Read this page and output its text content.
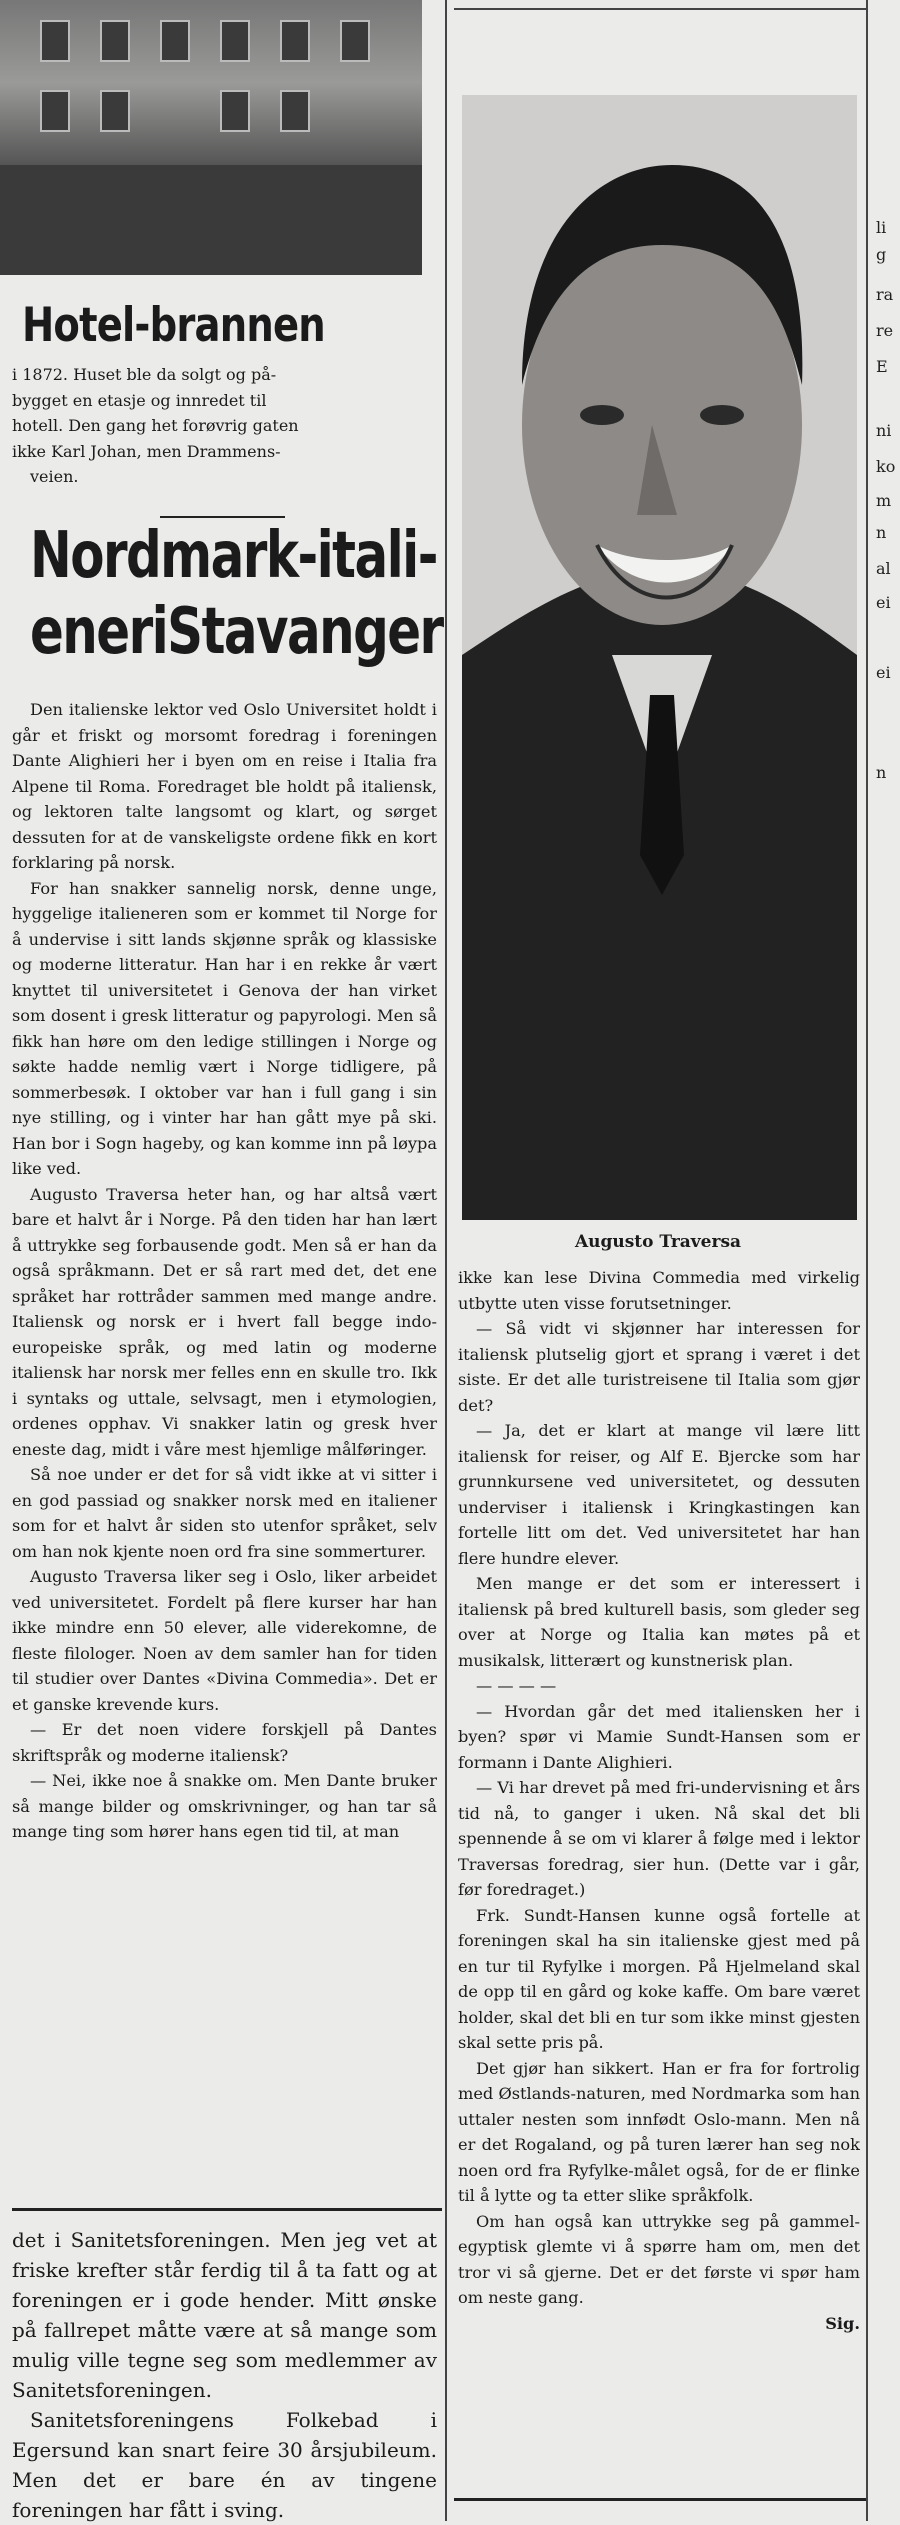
Hotel-brannen

i 1872. Huset ble da solgt og på-

bygget en etasje og innredet til

hotell. Den gang het forøvrig gaten

ikke Karl Johan, men Drammens-

veien.

Nordmark-itali-
eneriStavanger

Den italienske lektor ved Oslo Universitet holdt i går et friskt og morsomt foredrag i foreningen Dante Alighieri her i byen om en reise i Italia fra Alpene til Roma. Foredraget ble holdt på italiensk, og lektoren talte langsomt og klart, og sørget dessuten for at de vanskeligste ordene fikk en kort forklaring på norsk.

For han snakker sannelig norsk, denne unge, hyggelige italieneren som er kommet til Norge for å undervise i sitt lands skjønne språk og klassiske og moderne litteratur. Han har i en rekke år vært knyttet til universitetet i Genova der han virket som dosent i gresk litteratur og papyrologi. Men så fikk han høre om den ledige stillingen i Norge og søkte hadde nemlig vært i Norge tidligere, på sommerbesøk. I oktober var han i full gang i sin nye stilling, og i vinter har han gått mye på ski. Han bor i Sogn hageby, og kan komme inn på løypa like ved.

Augusto Traversa heter han, og har altså vært bare et halvt år i Norge. På den tiden har han lært å uttrykke seg forbausende godt. Men så er han da også språkmann. Det er så rart med det, det ene språket har rottråder sammen med mange andre. Italiensk og norsk er i hvert fall begge indo-europeiske språk, og med latin og moderne italiensk har norsk mer felles enn en skulle tro. Ikk i syntaks og uttale, selvsagt, men i etymologien, ordenes opphav. Vi snakker latin og gresk hver eneste dag, midt i våre mest hjemlige målføringer.

Så noe under er det for så vidt ikke at vi sitter i en god passiad og snakker norsk med en italiener som for et halvt år siden sto utenfor språket, selv om han nok kjente noen ord fra sine sommerturer.

Augusto Traversa liker seg i Oslo, liker arbeidet ved universitetet. Fordelt på flere kurser har han ikke mindre enn 50 elever, alle viderekomne, de fleste filologer. Noen av dem samler han for tiden til studier over Dantes «Divina Commedia». Det er et ganske krevende kurs.

— Er det noen videre forskjell på Dantes skriftspråk og moderne italiensk?

— Nei, ikke noe å snakke om. Men Dante bruker så mange bilder og omskrivninger, og han tar så mange ting som hører hans egen tid til, at man

det i Sanitetsforeningen. Men jeg vet at friske krefter står ferdig til å ta fatt og at foreningen er i gode hender. Mitt ønske på fallrepet måtte være at så mange som mulig ville tegne seg som medlemmer av Sanitetsforeningen.

Sanitetsforeningens Folkebad i Egersund kan snart feire 30 årsjubileum. Men det er bare én av tingene foreningen har fått i sving.

Augusto Traversa

ikke kan lese Divina Commedia med virkelig utbytte uten visse forutsetninger.

— Så vidt vi skjønner har interessen for italiensk plutselig gjort et sprang i været i det siste. Er det alle turistreisene til Italia som gjør det?

— Ja, det er klart at mange vil lære litt italiensk for reiser, og Alf E. Bjercke som har grunnkursene ved universitetet, og dessuten underviser i italiensk i Kringkastingen kan fortelle litt om det. Ved universitetet har han flere hundre elever.

Men mange er det som er interessert i italiensk på bred kulturell basis, som gleder seg over at Norge og Italia kan møtes på et musikalsk, litterært og kunstnerisk plan.

— — — —

— Hvordan går det med italiensken her i byen? spør vi Mamie Sundt-Hansen som er formann i Dante Alighieri.

— Vi har drevet på med fri-undervisning et års tid nå, to ganger i uken. Nå skal det bli spennende å se om vi klarer å følge med i lektor Traversas foredrag, sier hun. (Dette var i går, før foredraget.)

Frk. Sundt-Hansen kunne også fortelle at foreningen skal ha sin italienske gjest med på en tur til Ryfylke i morgen. På Hjelmeland skal de opp til en gård og koke kaffe. Om bare været holder, skal det bli en tur som ikke minst gjesten skal sette pris på.

Det gjør han sikkert. Han er fra for fortrolig med Østlands-naturen, med Nordmarka som han uttaler nesten som innfødt Oslo-mann. Men nå er det Rogaland, og på turen lærer han seg nok noen ord fra Ryfylke-målet også, for de er flinke til å lytte og ta etter slike språkfolk.

Om han også kan uttrykke seg på gammel-egyptisk glemte vi å spørre ham om, men det tror vi så gjerne. Det er det første vi spør ham om neste gang.

Sig.

li
g
ra
re
E
ni
ko
m
n
al
ei
ei
n
